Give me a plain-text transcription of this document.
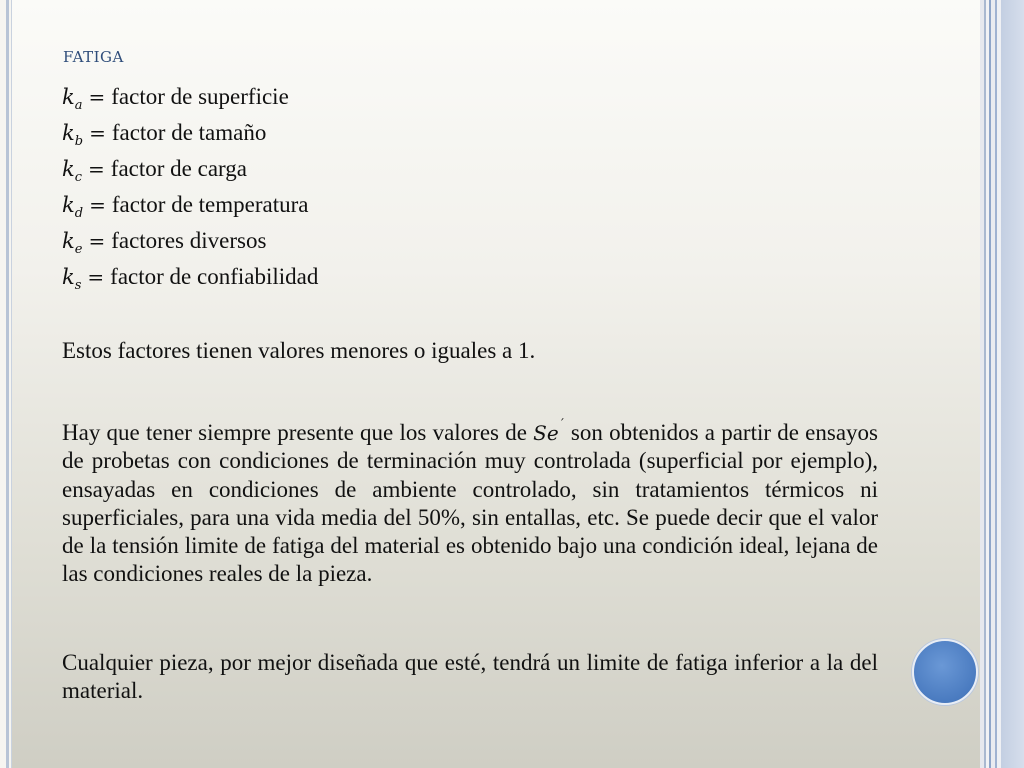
FATIGA
$k_a$ = factor de superficie
$k_b$ = factor de tamaño
$k_c$ = factor de carga
$k_d$ = factor de temperatura
$k_e$ = factores diversos
$k_s$ = factor de confiabilidad
Estos factores tienen valores menores o iguales a 1.
Hay que tener siempre presente que los valores de Se´ son obtenidos a partir de ensayos de probetas con condiciones de terminación muy controlada (superficial por ejemplo), ensayadas en condiciones de ambiente controlado, sin tratamientos térmicos ni superficiales, para una vida media del 50%, sin entallas, etc. Se puede decir que el valor de la tensión limite de fatiga del material es obtenido bajo una condición ideal, lejana de las condiciones reales de la pieza.
Cualquier pieza, por mejor diseñada que esté, tendrá un limite de fatiga inferior a la del material.
